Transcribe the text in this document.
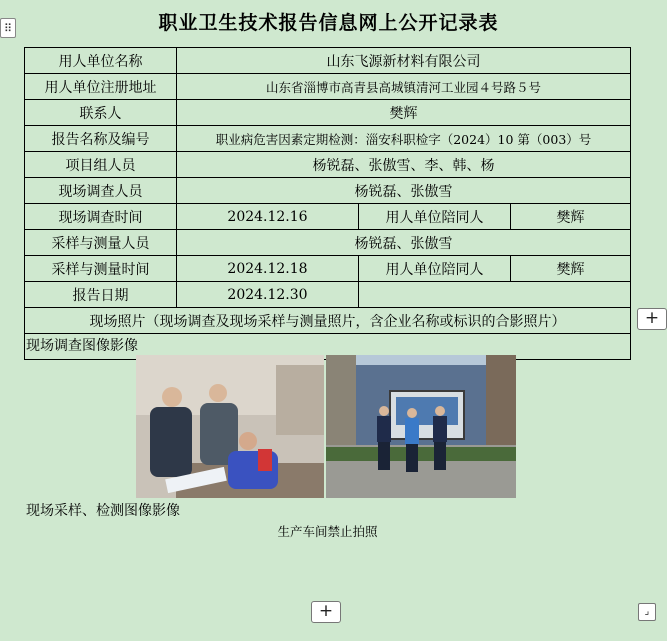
⠿	职业卫生技术报告信息网上公开记录表
用人单位名称	山东飞源新材料有限公司		
用人单位注册地址	山东省淄博市高青县高城镇清河工业园４号路５号		
联系人	樊辉		
报告名称及编号	职业病危害因素定期检测：淄安科职检字（2024）10 第（003）号		
项目组人员	杨锐磊、张傲雪、李、韩、杨		
现场调查人员	杨锐磊、张傲雪		
现场调查时间	2024.12.16	用人单位陪同人	樊辉
采样与测量人员	杨锐磊、张傲雪		
采样与测量时间	2024.12.18	用人单位陪同人	樊辉
报告日期	2024.12.30		
现场照片（现场调查及现场采样与测量照片，含企业名称或标识的合影照片）			

现场调查图像影像
现场采样、检测图像影像
生产车间禁止拍照			
+
+	⌟
